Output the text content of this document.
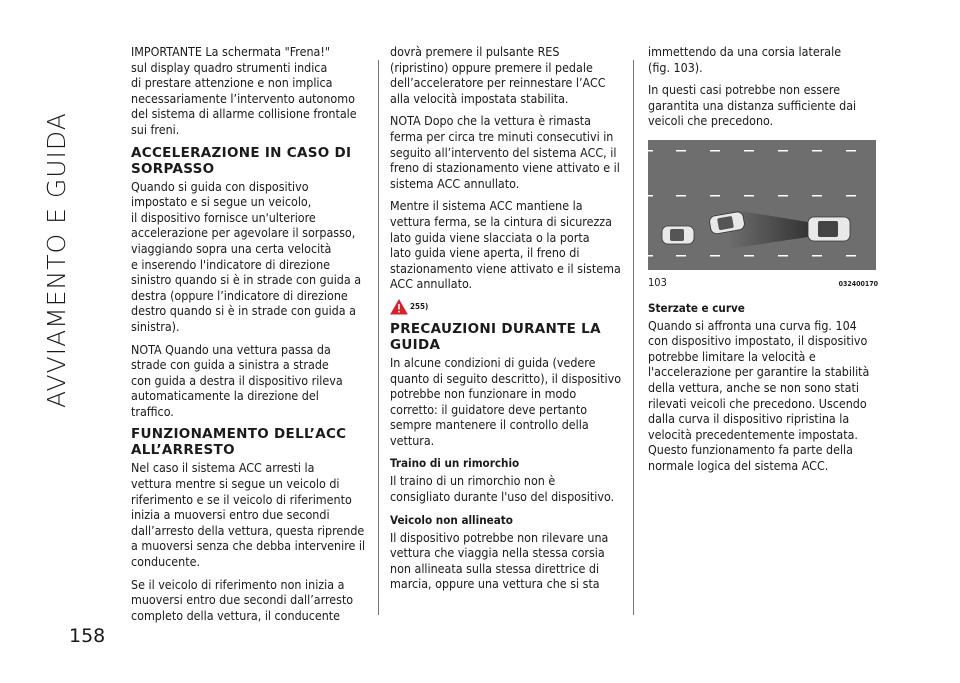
AVVIAMENTO E GUIDA
158

IMPORTANTE La schermata "Frena!"
sul display quadro strumenti indica
di prestare attenzione e non implica
necessariamente l’intervento autonomo
del sistema di allarme collisione frontale
sui freni.

ACCELERAZIONE IN CASO DI
SORPASSO

Quando si guida con dispositivo
impostato e si segue un veicolo,
il dispositivo fornisce un'ulteriore
accelerazione per agevolare il sorpasso,
viaggiando sopra una certa velocità
e inserendo l'indicatore di direzione
sinistro quando si è in strade con guida a
destra (oppure l’indicatore di direzione
destro quando si è in strade con guida a
sinistra).

NOTA Quando una vettura passa da
strade con guida a sinistra a strade
con guida a destra il dispositivo rileva
automaticamente la direzione del
traffico.

FUNZIONAMENTO DELL’ACC
ALL’ARRESTO

Nel caso il sistema ACC arresti la
vettura mentre si segue un veicolo di
riferimento e se il veicolo di riferimento
inizia a muoversi entro due secondi
dall’arresto della vettura, questa riprende
a muoversi senza che debba intervenire il
conducente.

Se il veicolo di riferimento non inizia a
muoversi entro due secondi dall’arresto
completo della vettura, il conducente

dovrà premere il pulsante RES
(ripristino) oppure premere il pedale
dell’acceleratore per reinnestare l’ACC
alla velocità impostata stabilita.

NOTA Dopo che la vettura è rimasta
ferma per circa tre minuti consecutivi in
seguito all’intervento del sistema ACC, il
freno di stazionamento viene attivato e il
sistema ACC annullato.

Mentre il sistema ACC mantiene la
vettura ferma, se la cintura di sicurezza
lato guida viene slacciata o la porta
lato guida viene aperta, il freno di
stazionamento viene attivato e il sistema
ACC annullato.

255)
PRECAUZIONI DURANTE LA
GUIDA

In alcune condizioni di guida (vedere
quanto di seguito descritto), il dispositivo
potrebbe non funzionare in modo
corretto: il guidatore deve pertanto
sempre mantenere il controllo della
vettura.

Traino di un rimorchio

Il traino di un rimorchio non è
consigliato durante l'uso del dispositivo.

Veicolo non allineato

Il dispositivo potrebbe non rilevare una
vettura che viaggia nella stessa corsia
non allineata sulla stessa direttrice di
marcia, oppure una vettura che si sta

immettendo da una corsia laterale
(fig. 103).

In questi casi potrebbe non essere
garantita una distanza sufficiente dai
veicoli che precedono.

103	032400170
Sterzate e curve

Quando si affronta una curva fig. 104
con dispositivo impostato, il dispositivo
potrebbe limitare la velocità e
l'accelerazione per garantire la stabilità
della vettura, anche se non sono stati
rilevati veicoli che precedono. Uscendo
dalla curva il dispositivo ripristina la
velocità precedentemente impostata.
Questo funzionamento fa parte della
normale logica del sistema ACC.
